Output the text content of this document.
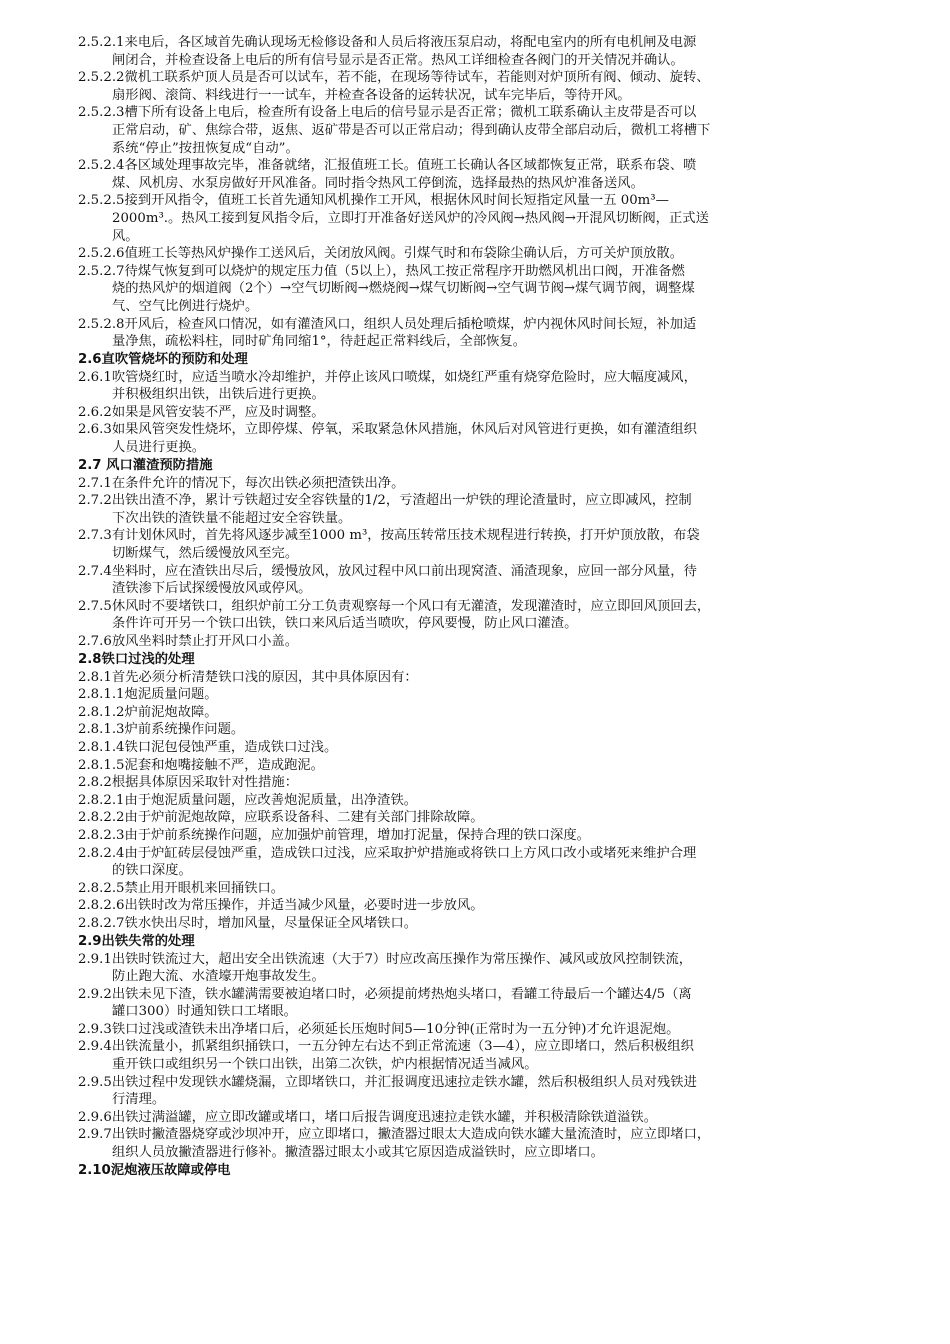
2.5.2.1来电后，各区域首先确认现场无检修设备和人员后将液压泵启动，将配电室内的所有电机闸及电源
闸闭合，并检查设备上电后的所有信号显示是否正常。热风工详细检查各阀门的开关情况并确认。
2.5.2.2微机工联系炉顶人员是否可以试车，若不能，在现场等待试车，若能则对炉顶所有阀、倾动、旋转、
扇形阀、滚筒、料线进行一一试车，并检查各设备的运转状况，试车完毕后，等待开风。
2.5.2.3槽下所有设备上电后，检查所有设备上电后的信号显示是否正常；微机工联系确认主皮带是否可以
正常启动，矿、焦综合带，返焦、返矿带是否可以正常启动；得到确认皮带全部启动后，微机工将槽下
系统“停止”按扭恢复成“自动”。
2.5.2.4各区域处理事故完毕，准备就绪，汇报值班工长。值班工长确认各区域都恢复正常，联系布袋、喷
煤、风机房、水泵房做好开风准备。同时指令热风工停倒流，选择最热的热风炉准备送风。
2.5.2.5接到开风指令，值班工长首先通知风机操作工开风，根据休风时间长短指定风量一五 00m³—
2000m³.。热风工接到复风指令后，立即打开准备好送风炉的冷风阀→热风阀→开混风切断阀，正式送
风。
2.5.2.6值班工长等热风炉操作工送风后，关闭放风阀。引煤气时和布袋除尘确认后，方可关炉顶放散。
2.5.2.7待煤气恢复到可以烧炉的规定压力值（5以上），热风工按正常程序开助燃风机出口阀，开准备燃
烧的热风炉的烟道阀（2个）→空气切断阀→燃烧阀→煤气切断阀→空气调节阀→煤气调节阀，调整煤
气、空气比例进行烧炉。
2.5.2.8开风后，检查风口情况，如有灌渣风口，组织人员处理后插枪喷煤，炉内视休风时间长短，补加适
量净焦，疏松料柱，同时矿角同缩1°，待赶起正常料线后，全部恢复。
2.6直吹管烧坏的预防和处理
2.6.1吹管烧红时，应适当喷水冷却维护，并停止该风口喷煤，如烧红严重有烧穿危险时，应大幅度减风，
并积极组织出铁，出铁后进行更换。
2.6.2如果是风管安装不严，应及时调整。
2.6.3如果风管突发性烧坏，立即停煤、停氧，采取紧急休风措施，休风后对风管进行更换，如有灌渣组织
人员进行更换。
2.7 风口灌渣预防措施
2.7.1在条件允许的情况下，每次出铁必须把渣铁出净。
2.7.2出铁出渣不净，累计亏铁超过安全容铁量的1/2，亏渣超出一炉铁的理论渣量时，应立即减风，控制
下次出铁的渣铁量不能超过安全容铁量。
2.7.3有计划休风时，首先将风逐步减至1000 m³，按高压转常压技术规程进行转换，打开炉顶放散，布袋
切断煤气，然后缓慢放风至完。
2.7.4坐料时，应在渣铁出尽后，缓慢放风，放风过程中风口前出现窝渣、涌渣现象，应回一部分风量，待
渣铁渗下后试探缓慢放风或停风。
2.7.5休风时不要堵铁口，组织炉前工分工负责观察每一个风口有无灌渣，发现灌渣时，应立即回风顶回去，
条件许可开另一个铁口出铁，铁口来风后适当喷吹，停风要慢，防止风口灌渣。
2.7.6放风坐料时禁止打开风口小盖。
2.8铁口过浅的处理
2.8.1首先必须分析清楚铁口浅的原因，其中具体原因有：
2.8.1.1炮泥质量问题。
2.8.1.2炉前泥炮故障。
2.8.1.3炉前系统操作问题。
2.8.1.4铁口泥包侵蚀严重，造成铁口过浅。
2.8.1.5泥套和炮嘴接触不严，造成跑泥。
2.8.2根据具体原因采取针对性措施：
2.8.2.1由于炮泥质量问题，应改善炮泥质量，出净渣铁。
2.8.2.2由于炉前泥炮故障，应联系设备科、二建有关部门排除故障。
2.8.2.3由于炉前系统操作问题，应加强炉前管理，增加打泥量，保持合理的铁口深度。
2.8.2.4由于炉缸砖层侵蚀严重，造成铁口过浅，应采取护炉措施或将铁口上方风口改小或堵死来维护合理
的铁口深度。
2.8.2.5禁止用开眼机来回捅铁口。
2.8.2.6出铁时改为常压操作，并适当减少风量，必要时进一步放风。
2.8.2.7铁水快出尽时，增加风量，尽量保证全风堵铁口。
2.9出铁失常的处理
2.9.1出铁时铁流过大，超出安全出铁流速（大于7）时应改高压操作为常压操作、减风或放风控制铁流，
防止跑大流、水渣壕开炮事故发生。
2.9.2出铁未见下渣，铁水罐满需要被迫堵口时，必须提前烤热炮头堵口，看罐工待最后一个罐达4/5（离
罐口300）时通知铁口工堵眼。
2.9.3铁口过浅或渣铁未出净堵口后，必须延长压炮时间5—10分钟(正常时为一五分钟)才允许退泥炮。
2.9.4出铁流量小，抓紧组织捅铁口，一五分钟左右达不到正常流速（3—4），应立即堵口，然后积极组织
重开铁口或组织另一个铁口出铁，出第二次铁，炉内根据情况适当减风。
2.9.5出铁过程中发现铁水罐烧漏，立即堵铁口，并汇报调度迅速拉走铁水罐，然后积极组织人员对残铁进
行清理。
2.9.6出铁过满溢罐，应立即改罐或堵口，堵口后报告调度迅速拉走铁水罐，并积极清除铁道溢铁。
2.9.7出铁时撇渣器烧穿或沙坝冲开，应立即堵口，撇渣器过眼太大造成向铁水罐大量流渣时，应立即堵口，
组织人员放撇渣器进行修补。撇渣器过眼太小或其它原因造成溢铁时，应立即堵口。
2.10泥炮液压故障或停电
